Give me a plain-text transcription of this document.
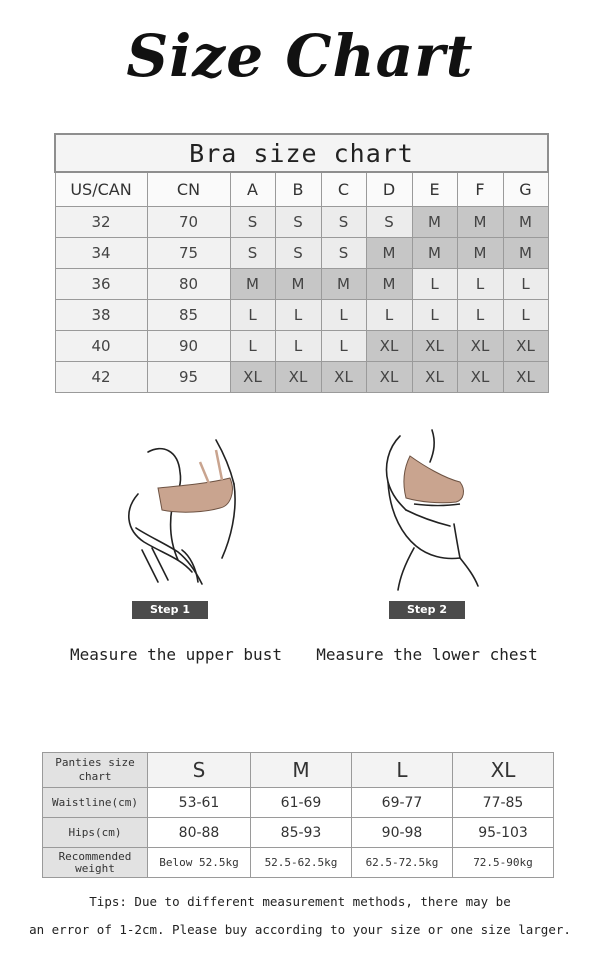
Size Chart
Bra size chart								
US/CAN	CN	A	B	C	D	E	F	G
32	70	S	S	S	S	M	M	M
34	75	S	S	S	M	M	M	M
36	80	M	M	M	M	L	L	L
38	85	L	L	L	L	L	L	L
40	90	L	L	L	XL	XL	XL	XL
42	95	XL	XL	XL	XL	XL	XL	XL
Step 1
Measure the upper bust
Step 2
Measure the lower chest
Panties size chart	S	M	L	XL
Waistline(cm)	53-61	61-69	69-77	77-85
Hips(cm)	80-88	85-93	90-98	95-103
Recommended weight	Below 52.5kg	52.5-62.5kg	62.5-72.5kg	72.5-90kg
Tips: Due to different measurement methods, there may be
an error of 1-2cm. Please buy according to your size or one size larger.
